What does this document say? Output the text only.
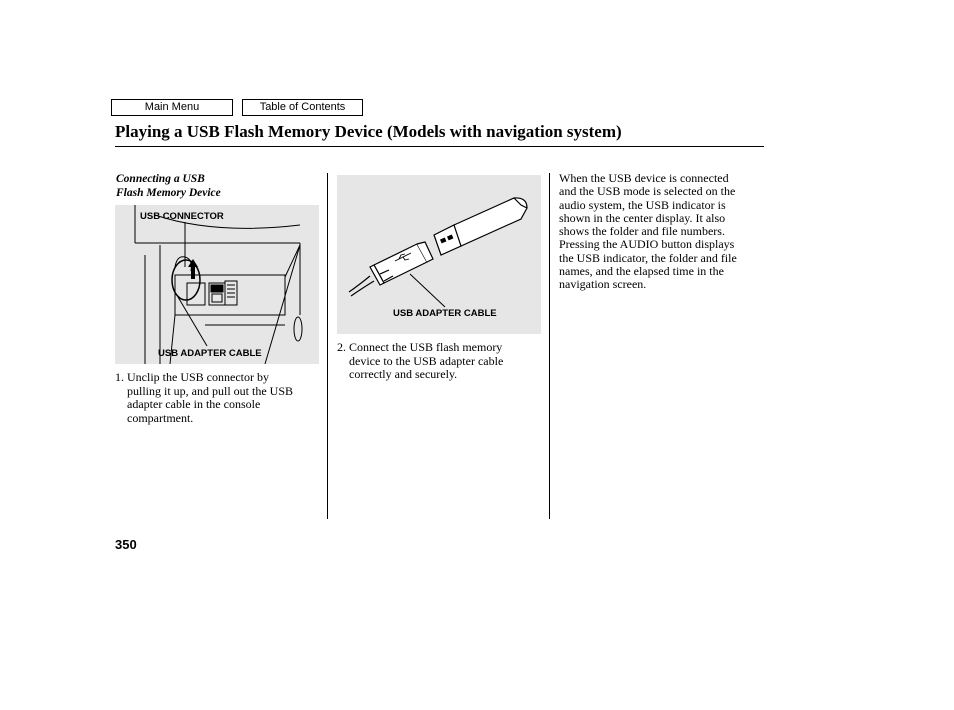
Main Menu	Table of Contents
Playing a USB Flash Memory Device (Models with navigation system)
Connecting a USB
Flash Memory Device
USB CONNECTOR
USB ADAPTER CABLE
1. Unclip the USB connector by
pulling it up, and pull out the USB
adapter cable in the console
compartment.
USB ADAPTER CABLE
2. Connect the USB flash memory
device to the USB adapter cable
correctly and securely.
When the USB device is connected
and the USB mode is selected on the
audio system, the USB indicator is
shown in the center display. It also
shows the folder and file numbers.
Pressing the AUDIO button displays
the USB indicator, the folder and file
names, and the elapsed time in the
navigation screen.
350
